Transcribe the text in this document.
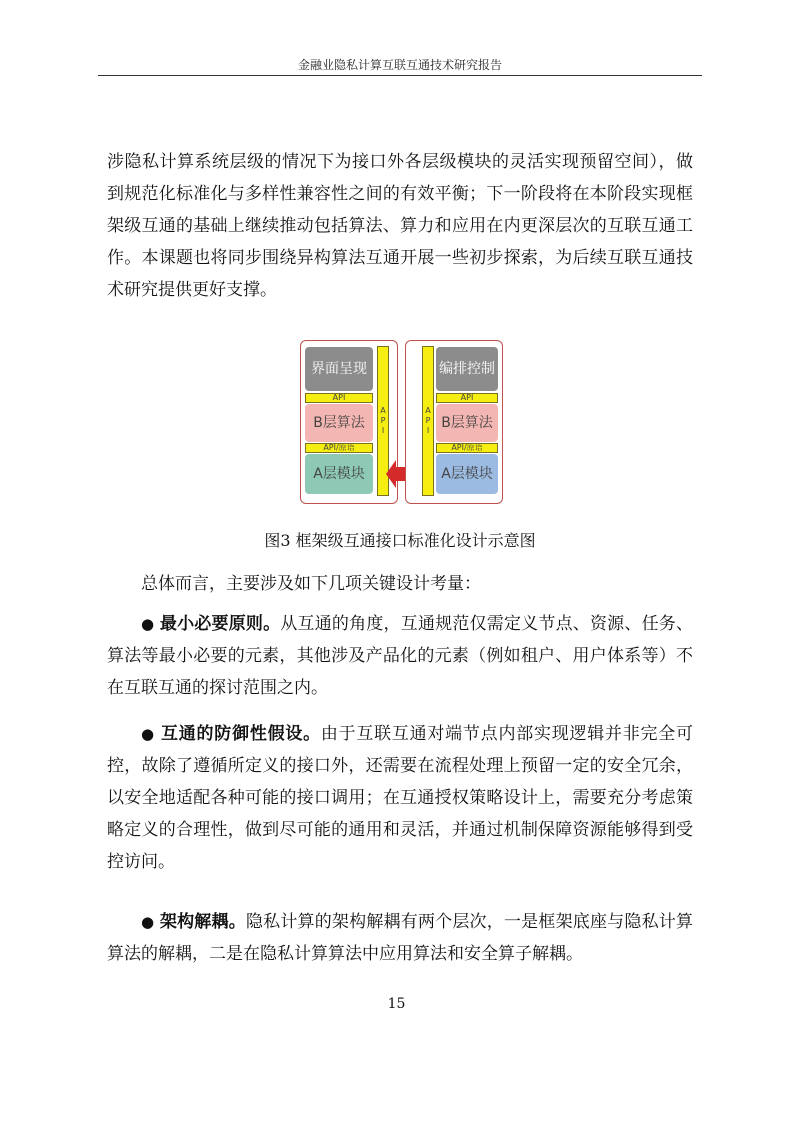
金融业隐私计算互联互通技术研究报告

涉隐私计算系统层级的情况下为接口外各层级模块的灵活实现预留空间），做到规范化标准化与多样性兼容性之间的有效平衡；下一阶段将在本阶段实现框架级互通的基础上继续推动包括算法、算力和应用在内更深层次的互联互通工作。本课题也将同步围绕异构算法互通开展一些初步探索，为后续互联互通技术研究提供更好支撑。

界面呈现
API
B层算法
API/原语
A层模块
A
P
I
A
P
I
编排控制
API
B层算法
API/原语
A层模块

图3 框架级互通接口标准化设计示意图

总体而言，主要涉及如下几项关键设计考量：

● 最小必要原则。从互通的角度，互通规范仅需定义节点、资源、任务、算法等最小必要的元素，其他涉及产品化的元素（例如租户、用户体系等）不在互联互通的探讨范围之内。

● 互通的防御性假设。由于互联互通对端节点内部实现逻辑并非完全可控，故除了遵循所定义的接口外，还需要在流程处理上预留一定的安全冗余，以安全地适配各种可能的接口调用；在互通授权策略设计上，需要充分考虑策略定义的合理性，做到尽可能的通用和灵活，并通过机制保障资源能够得到受控访问。

● 架构解耦。隐私计算的架构解耦有两个层次，一是框架底座与隐私计算算法的解耦，二是在隐私计算算法中应用算法和安全算子解耦。

15
